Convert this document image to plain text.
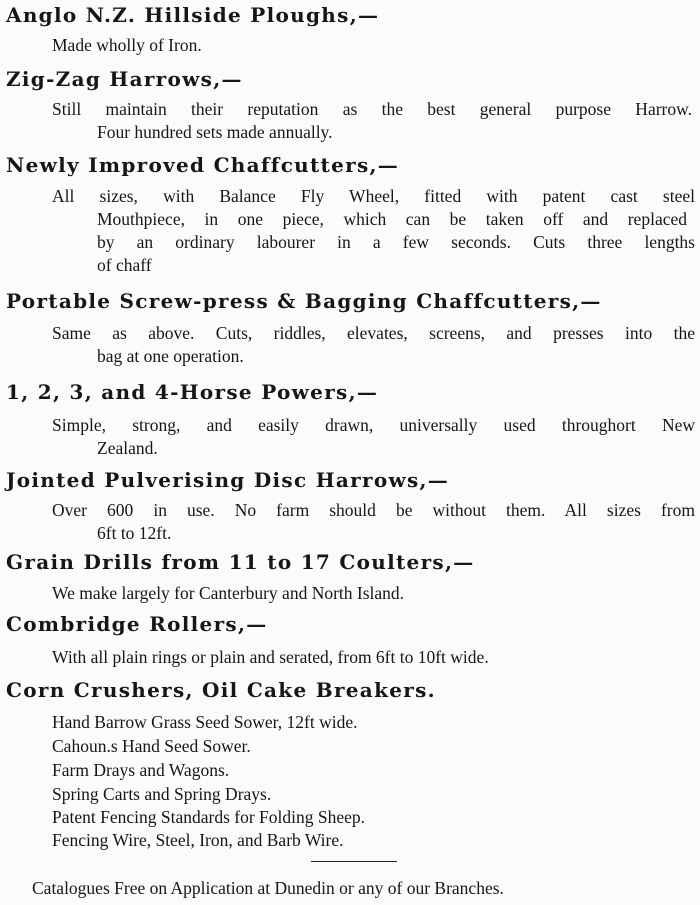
Anglo N.Z. Hillside Ploughs,—
Made wholly of Iron.
Zig-Zag Harrows,—
Still maintain their reputation as the best general purpose Harrow.
Four hundred sets made annually.
Newly Improved Chaffcutters,—
All sizes, with Balance Fly Wheel, fitted with patent cast steel
Mouthpiece, in one piece, which can be taken off and replaced
by an ordinary labourer in a few seconds. Cuts three lengths
of chaff
Portable Screw-press & Bagging Chaffcutters,—
Same as above. Cuts, riddles, elevates, screens, and presses into the
bag at one operation.
1, 2, 3, and 4-Horse Powers,—
Simple, strong, and easily drawn, universally used throughort New
Zealand.
Jointed Pulverising Disc Harrows,—
Over 600 in use. No farm should be without them. All sizes from
6ft to 12ft.
Grain Drills from 11 to 17 Coulters,—
We make largely for Canterbury and North Island.
Combridge Rollers,—
With all plain rings or plain and serated, from 6ft to 10ft wide.
Corn Crushers, Oil Cake Breakers.
Hand Barrow Grass Seed Sower, 12ft wide.
Cahoun.s Hand Seed Sower.
Farm Drays and Wagons.
Spring Carts and Spring Drays.
Patent Fencing Standards for Folding Sheep.
Fencing Wire, Steel, Iron, and Barb Wire.
Catalogues Free on Application at Dunedin or any of our Branches.
